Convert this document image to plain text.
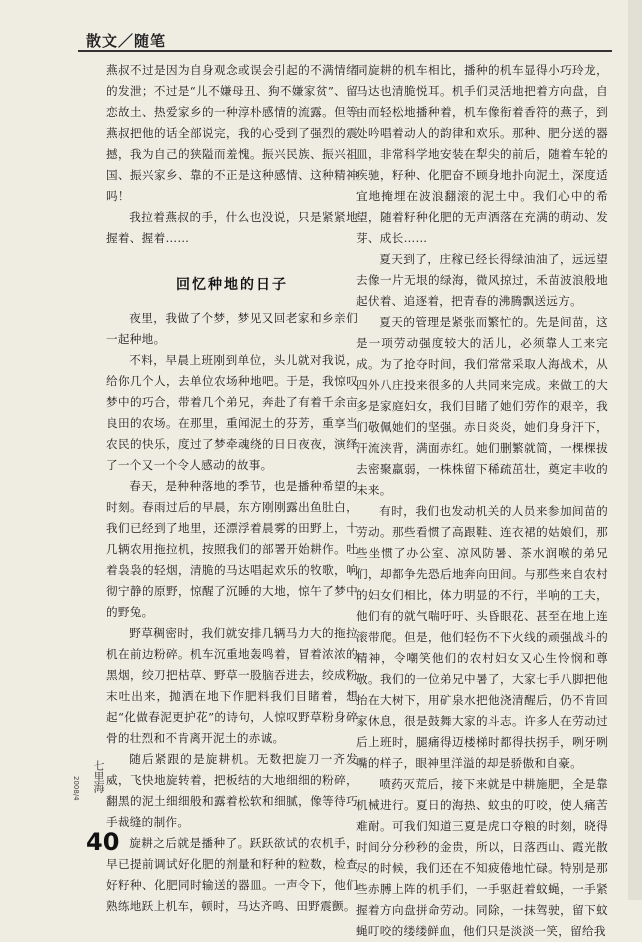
散文／随笔

燕叔不过是因为自身观念或误会引起的不满情绪的发泄；不过是“儿不嫌母丑、狗不嫌家贫”、留恋故土、热爱家乡的一种淳朴感情的流露。但等燕叔把他的话全部说完，我的心受到了强烈的震撼，我为自己的狭隘而羞愧。振兴民族、振兴祖国、振兴家乡、靠的不正是这种感情、这种精神吗！

我拉着燕叔的手，什么也没说，只是紧紧地握着、握着……

回忆种地的日子

夜里，我做了个梦，梦见又回老家和乡亲们一起种地。

不料，早晨上班刚到单位，头儿就对我说，给你几个人，去单位农场种地吧。于是，我惊叹梦中的巧合，带着几个弟兄，奔赴了有着千余亩良田的农场。在那里，重闻泥土的芬芳，重享当农民的快乐，度过了梦牵魂绕的日日夜夜，演绎了一个又一个令人感动的故事。

春天，是种种落地的季节，也是播种希望的时刻。春雨过后的早晨，东方刚刚露出鱼肚白，我们已经到了地里，还漂浮着晨雾的田野上，十几辆农用拖拉机，按照我们的部署开始耕作。吐着袅袅的轻烟，清脆的马达唱起欢乐的牧歌，响彻宁静的原野，惊醒了沉睡的大地，惊午了梦中的野兔。

野草稠密时，我们就安排几辆马力大的拖拉机在前边粉碎。机车沉重地轰鸣着，冒着浓浓的黑烟，绞刀把枯草、野草一股脑吞进去，绞成粉末吐出来，抛洒在地下作肥料我们目睹着，想起“化做春泥更护花”的诗句，人惊叹野草粉身碎骨的壮烈和不肯离开泥土的赤诚。

随后紧跟的是旋耕机。无数把旋刀一齐发威，飞快地旋转着，把板结的大地细细的粉碎，翻黑的泥土细细般和露着松软和细腻，像等待巧手裁缝的制作。

旋耕之后就是播种了。跃跃欲试的农机手，早已提前调试好化肥的剂量和籽种的粒数，检查好籽种、化肥同时输送的器皿。一声令下，他们熟练地跃上机车，顿时，马达齐鸣、田野震颤。

同旋耕的机车相比，播种的机车显得小巧玲龙，马达也清脆悦耳。机手们灵活地把着方向盘，自由而轻松地播种着，机车像衔着香符的燕子，到处吟唱着动人的韵律和欢乐。那种、肥分送的器皿，非常科学地安装在犁尖的前后，随着车轮的疾驰，籽种、化肥奋不顾身地扑向泥土，深度适宜地掩埋在波浪翻滚的泥土中。我们心中的希望，随着籽种化肥的无声洒落在充满的萌动、发芽、成长……

夏天到了，庄稼已经长得绿油油了，远远望去像一片无垠的绿海，微风掠过，禾苗波浪般地起伏着、追逐着，把青春的沸腾飘送远方。

夏天的管理是紧张而繁忙的。先是间苗，这是一项劳动强度较大的活儿，必须靠人工来完成。为了抢夺时间，我们常常采取人海战术，从四外八庄投来很多的人共同来完成。来做工的大多是家庭妇女，我们目睹了她们劳作的艰辛，我们敬佩她们的坚强。赤日炎炎，她们身身汗下，汗流浃背，满面赤红。她们删繁就简，一棵棵拔去密聚羸弱，一株株留下稀疏茁壮，奠定丰收的未来。

有时，我们也发动机关的人员来参加间苗的劳动。那些看惯了高跟鞋、连衣裙的姑娘们，那些坐惯了办公室、凉风防暑、茶水润喉的弟兄们，却都争先恐后地奔向田间。与那些来自农村的妇女们相比，体力明显的不行，半响的工夫，他们有的就气喘吁吁、头昏眼花、甚至在地上连滚带爬。但是，他们轻伤不下火线的顽强战斗的精神，令嘲笑他们的农村妇女又心生怜悯和尊敬。我们的一位弟兄中暑了，大家七手八脚把他抬在大树下，用矿泉水把他浇清醒后，仍不肯回家休息，很是鼓舞大家的斗志。许多人在劳动过后上班时，腿痛得迈楼梯时都得扶拐手，咧牙咧嘴的样子，眼神里洋溢的却是骄傲和自豪。

喷药灭荒后，接下来就是中耕施肥，全是靠机械进行。夏日的海热、蚊虫的叮咬，使人痛苦难耐。可我们知道三夏是虎口夺粮的时刻，晓得时间分分秒秒的金贵，所以，日落西山、霞光散尽的时候，我们还在不知疲倦地忙碌。特别是那些赤膊上阵的机手们，一手驱赶着蚊蝇，一手紧握着方向盘拼命劳动。同除，一抹驾驶，留下蚊蝇叮咬的缕缕鲜血，他们只是淡淡一笑，留给我

七里海
2008/4
40
